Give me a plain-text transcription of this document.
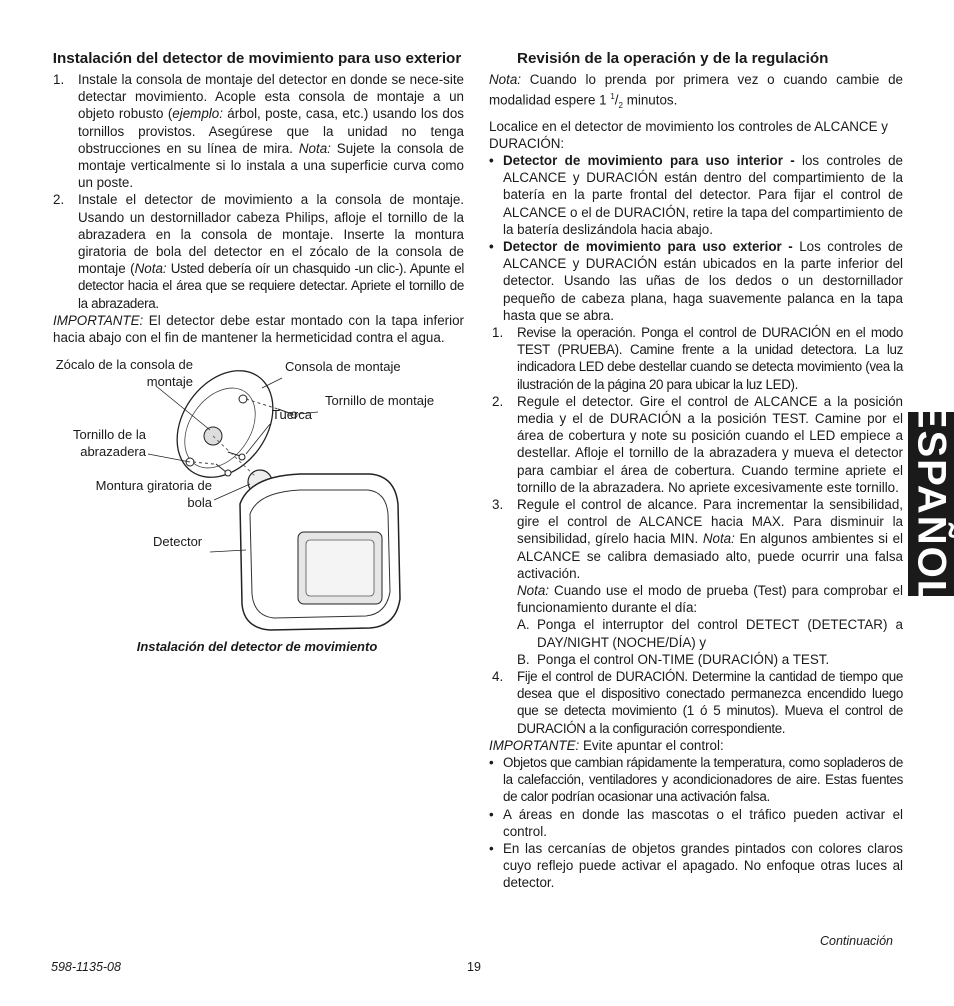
Instalación del detector de movimiento para uso exterior
1. Instale la consola de montaje del detector en donde se nece-site detectar movimiento. Acople esta consola de montaje a un objeto robusto (ejemplo: árbol, poste, casa, etc.) usando los dos tornillos provistos. Asegúrese que la unidad no tenga obstrucciones en su línea de mira. Nota: Sujete la consola de montaje verticalmente si lo instala a una superficie curva como un poste.
2. Instale el detector de movimiento a la consola de montaje. Usando un destornillador cabeza Philips, afloje el tornillo de la abrazadera en la consola de montaje. Inserte la montura giratoria de bola del detector en el zócalo de la consola de montaje (Nota: Usted debería oír un chasquido -un clic-). Apunte el detector hacia el área que se requiere detectar. Apriete el tornillo de la abrazadera.

IMPORTANTE: El detector debe estar montado con la tapa inferior hacia abajo con el fin de mantener la hermeticidad contra el agua.

Zócalo de la consola de montaje
Consola de montaje
Tornillo de montaje
Tuerca
Tornillo de la abrazadera
Montura giratoria de bola
Detector
Instalación del detector de movimiento
Revisión de la operación y de la regulación

Nota: Cuando lo prenda por primera vez o cuando cambie de modalidad espere 1 $^1/_2$ minutos.

Localice en el detector de movimiento los controles de ALCANCE y DURACIÓN:

• Detector de movimiento para uso interior - los controles de ALCANCE y DURACIÓN están dentro del compartimiento de la batería en la parte frontal del detector. Para fijar el control de ALCANCE o el de DURACIÓN, retire la tapa del compartimiento de la batería deslizándola hacia abajo.
• Detector de movimiento para uso exterior - Los controles de ALCANCE y DURACIÓN están ubicados en la parte inferior del detector. Usando las uñas de los dedos o un destornillador pequeño de cabeza plana, haga suavemente palanca en la tapa hasta que se abra.
1. Revise la operación. Ponga el control de DURACIÓN en el modo TEST (PRUEBA). Camine frente a la unidad detectora. La luz indicadora LED debe destellar cuando se detecta movimiento (vea la ilustración de la página 20 para ubicar la luz LED).
2. Regule el detector. Gire el control de ALCANCE a la posición media y el de DURACIÓN a la posición TEST. Camine por el área de cobertura y note su posición cuando el LED empiece a destellar. Afloje el tornillo de la abrazadera y mueva el detector para cambiar el área de cobertura. Cuando termine apriete el tornillo de la abrazadera. No apriete excesivamente este tornillo.
3. Regule el control de alcance. Para incrementar la sensibilidad, gire el control de ALCANCE hacia MAX. Para disminuir la sensibilidad, gírelo hacia MIN. Nota: En algunos ambientes si el ALCANCE se calibra demasiado alto, puede ocurrir una falsa activación.
Nota: Cuando use el modo de prueba (Test) para comprobar el funcionamiento durante el día:
A. Ponga el interruptor del control DETECT (DETECTAR) a DAY/NIGHT (NOCHE/DÍA) y
B. Ponga el control ON-TIME (DURACIÓN) a TEST.
4. Fije el control de DURACIÓN. Determine la cantidad de tiempo que desea que el dispositivo conectado permanezca encendido luego que se detecta movimiento (1 ó 5 minutos). Mueva el control de DURACIÓN a la configuración correspondiente.

IMPORTANTE: Evite apuntar el control:

• Objetos que cambian rápidamente la temperatura, como sopladeros de la calefacción, ventiladores y acondicionadores de aire. Estas fuentes de calor podrían ocasionar una activación falsa.
• A áreas en donde las mascotas o el tráfico pueden activar el control.
• En las cercanías de objetos grandes pintados con colores claros cuyo reflejo puede activar el apagado. No enfoque otras luces al detector.
ESPAÑOL
Continuación
598-1135-08	19
